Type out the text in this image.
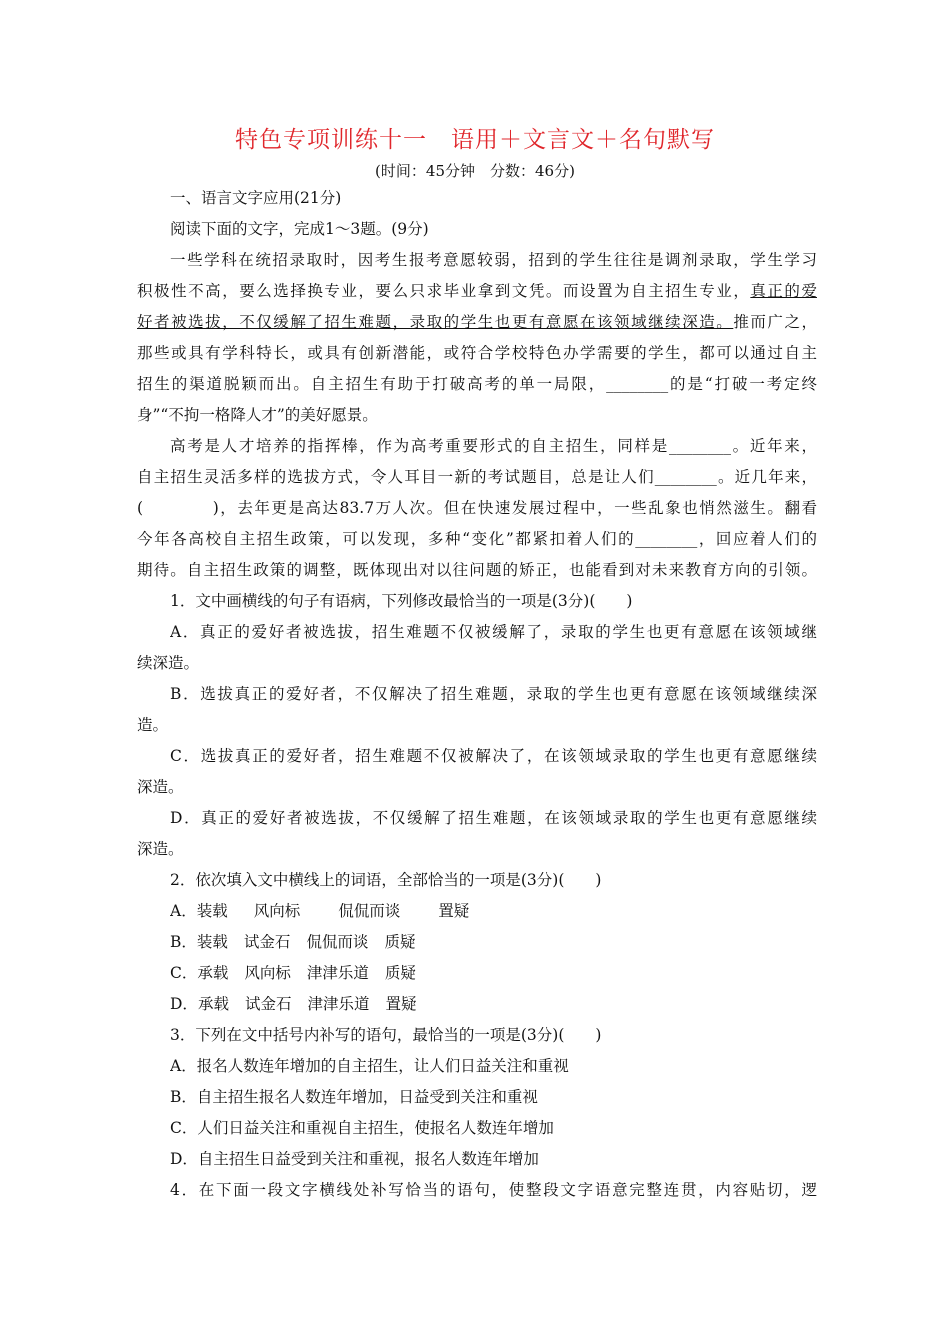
特色专项训练十一　语用＋文言文＋名句默写
(时间：45分钟　分数：46分)
一、语言文字应用(21分)
阅读下面的文字，完成1～3题。(9分)
一些学科在统招录取时，因考生报考意愿较弱，招到的学生往往是调剂录取，学生学习
积极性不高，要么选择换专业，要么只求毕业拿到文凭。而设置为自主招生专业，真正的爱
好者被选拔，不仅缓解了招生难题，录取的学生也更有意愿在该领域继续深造。推而广之，
那些或具有学科特长，或具有创新潜能，或符合学校特色办学需要的学生，都可以通过自主
招生的渠道脱颖而出。自主招生有助于打破高考的单一局限，________的是“打破一考定终
身”“不拘一格降人才”的美好愿景。
高考是人才培养的指挥棒，作为高考重要形式的自主招生，同样是________。近年来，
自主招生灵活多样的选拔方式，令人耳目一新的考试题目，总是让人们________。近几年来，
(　　　　)，去年更是高达83.7万人次。但在快速发展过程中，一些乱象也悄然滋生。翻看
今年各高校自主招生政策，可以发现，多种“变化”都紧扣着人们的________，回应着人们的
期待。自主招生政策的调整，既体现出对以往问题的矫正，也能看到对未来教育方向的引领。
1．文中画横线的句子有语病，下列修改最恰当的一项是(3分)(　　)
A．真正的爱好者被选拔，招生难题不仅被缓解了，录取的学生也更有意愿在该领域继
续深造。
B．选拔真正的爱好者，不仅解决了招生难题，录取的学生也更有意愿在该领域继续深
造。
C．选拔真正的爱好者，招生难题不仅被解决了，在该领域录取的学生也更有意愿继续
深造。
D．真正的爱好者被选拔，不仅缓解了招生难题，在该领域录取的学生也更有意愿继续
深造。
2．依次填入文中横线上的词语，全部恰当的一项是(3分)(　　)
A．装载 风向标 侃侃而谈 置疑
B．装载 试金石 侃侃而谈 质疑
C．承载 风向标 津津乐道 质疑
D．承载 试金石 津津乐道 置疑
3．下列在文中括号内补写的语句，最恰当的一项是(3分)(　　)
A．报名人数连年增加的自主招生，让人们日益关注和重视
B．自主招生报名人数连年增加，日益受到关注和重视
C．人们日益关注和重视自主招生，使报名人数连年增加
D．自主招生日益受到关注和重视，报名人数连年增加
4．在下面一段文字横线处补写恰当的语句，使整段文字语意完整连贯，内容贴切，逻
